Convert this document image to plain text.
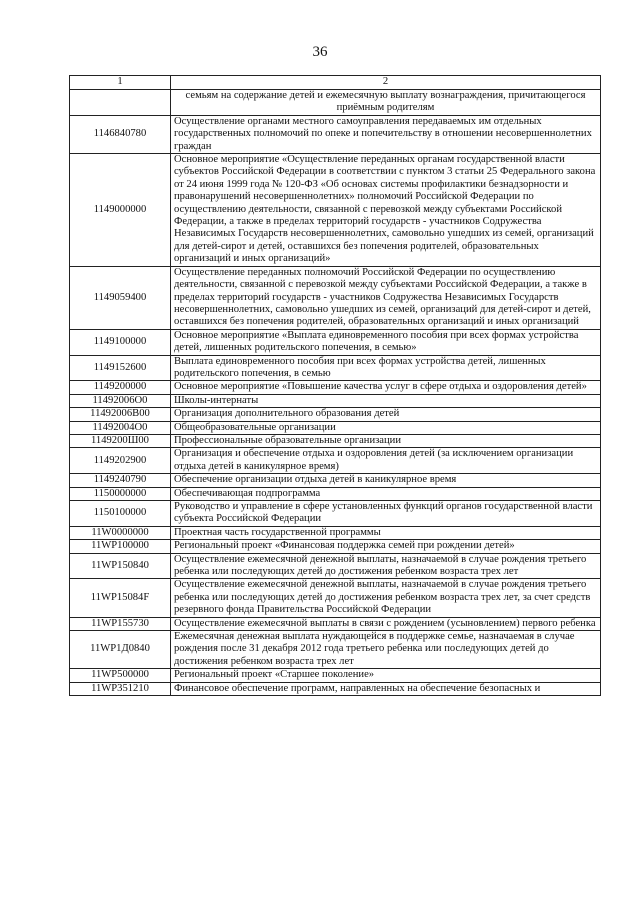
36
1	2
	семьям на содержание детей и ежемесячную выплату вознаграждения, причитающегося приёмным родителям
1146840780	Осуществление органами местного самоуправления передаваемых им отдельных государственных полномочий по опеке и попечительству в отношении несовершеннолетних граждан
1149000000	Основное мероприятие «Осуществление переданных органам государственной власти субъектов Российской Федерации в соответствии с пунктом 3 статьи 25 Федерального закона от 24 июня 1999 года № 120-ФЗ «Об основах системы профилактики безнадзорности и правонарушений несовершеннолетних» полномочий Российской Федерации по осуществлению деятельности, связанной с перевозкой между субъектами Российской Федерации, а также в пределах территорий государств - участников Содружества Независимых Государств несовершеннолетних, самовольно ушедших из семей, организаций для детей-сирот и детей, оставшихся без попечения родителей, образовательных организаций и иных организаций»
1149059400	Осуществление переданных полномочий Российской Федерации по осуществлению деятельности, связанной с перевозкой между субъектами Российской Федерации, а также в пределах территорий государств - участников Содружества Независимых Государств несовершеннолетних, самовольно ушедших из семей, организаций для детей-сирот и детей, оставшихся без попечения родителей, образовательных организаций и иных организаций
1149100000	Основное мероприятие «Выплата единовременного пособия при всех формах устройства детей, лишенных родительского попечения, в семью»
1149152600	Выплата единовременного пособия при всех формах устройства детей, лишенных родительского попечения, в семью
1149200000	Основное мероприятие «Повышение качества услуг в сфере отдыха и оздоровления детей»
11492006О0	Школы-интернаты
11492006В00	Организация дополнительного образования детей
11492004О0	Общеобразовательные организации
1149200Ш00	Профессиональные образовательные организации
1149202900	Организация и обеспечение отдыха и оздоровления детей (за исключением организации отдыха детей в каникулярное время)
1149240790	Обеспечение организации отдыха детей в каникулярное время
1150000000	Обеспечивающая подпрограмма
1150100000	Руководство и управление в сфере установленных функций органов государственной власти субъекта Российской Федерации
11W0000000	Проектная часть государственной программы
11WP100000	Региональный проект «Финансовая поддержка семей при рождении детей»
11WP150840	Осуществление ежемесячной денежной выплаты, назначаемой в случае рождения третьего ребенка или последующих детей до достижения ребенком возраста трех лет
11WP15084F	Осуществление ежемесячной денежной выплаты, назначаемой в случае рождения третьего ребенка или последующих детей до достижения ребенком возраста трех лет, за счет средств резервного фонда Правительства Российской Федерации
11WP155730	Осуществление ежемесячной выплаты в связи с рождением (усыновлением) первого ребенка
11WP1Д0840	Ежемесячная денежная выплата нуждающейся в поддержке семье, назначаемая в случае рождения после 31 декабря 2012 года третьего ребенка или последующих детей до достижения ребенком возраста трех лет
11WP500000	Региональный проект «Старшее поколение»
11WP351210	Финансовое обеспечение программ, направленных на обеспечение безопасных и
